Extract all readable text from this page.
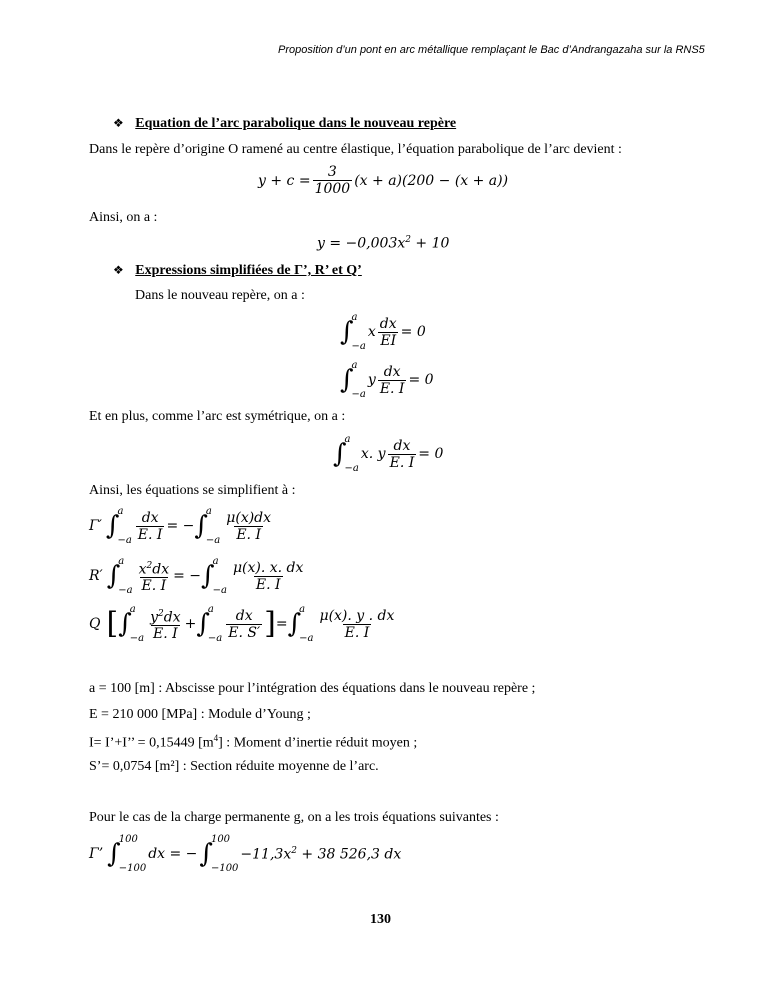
Proposition d’un pont en arc métallique remplaçant le Bac d’Andrangazaha sur la RNS5
❖ Equation de l’arc parabolique dans le nouveau repère
Dans le repère d’origine O ramené au centre élastique, l’équation parabolique de l’arc devient :
$y + c = \frac{3}{1000} (x + a)(200 - (x + a))$
Ainsi, on a :
$y = -0,003x^2 + 10$
❖ Expressions simplifiées de Γ’, R’ et Q’
Dans le nouveau repère, on a :
∫
a
−a
x $\frac{dx}{EI} = 0$
∫
a
−a
y $\frac{dx}{E. I} = 0$
Et en plus, comme l’arc est symétrique, on a :
∫
a
−a
x. y $\frac{dx}{E. I} = 0$
Ainsi, les équations se simplifient à :
Γ′ ∫
a
$-a \frac{dx}{E. I}$ = − ∫
a
$-a \frac{\mu(x)dx}{E. I}$
R′ ∫
a
$-a \frac{x^2dx}{E. I}$ = − ∫
a
$-a \frac{\mu(x). x. dx}{E. I}$
Q [ ∫
a
$-a \frac{y^2dx}{E. I}$ + ∫
a
$-a \frac{dx}{E. S'}$ ] = ∫
a
$-a \frac{\mu(x). y . dx}{E. I}$
a = 100 [m] : Abscisse pour l’intégration des équations dans le nouveau repère ;
E = 210 000 [MPa] : Module d’Young ;
I= I’+I’’ = 0,15449 $[m^4]$ : Moment d’inertie réduit moyen ;
S’= 0,0754 [m²] : Section réduite moyenne de l’arc.
Pour le cas de la charge permanente g, on a les trois équations suivantes :
Γ’ ∫
100
−100
dx = − ∫
100
−100
$-11,3x^2 + 38$ 526,3 dx
130
